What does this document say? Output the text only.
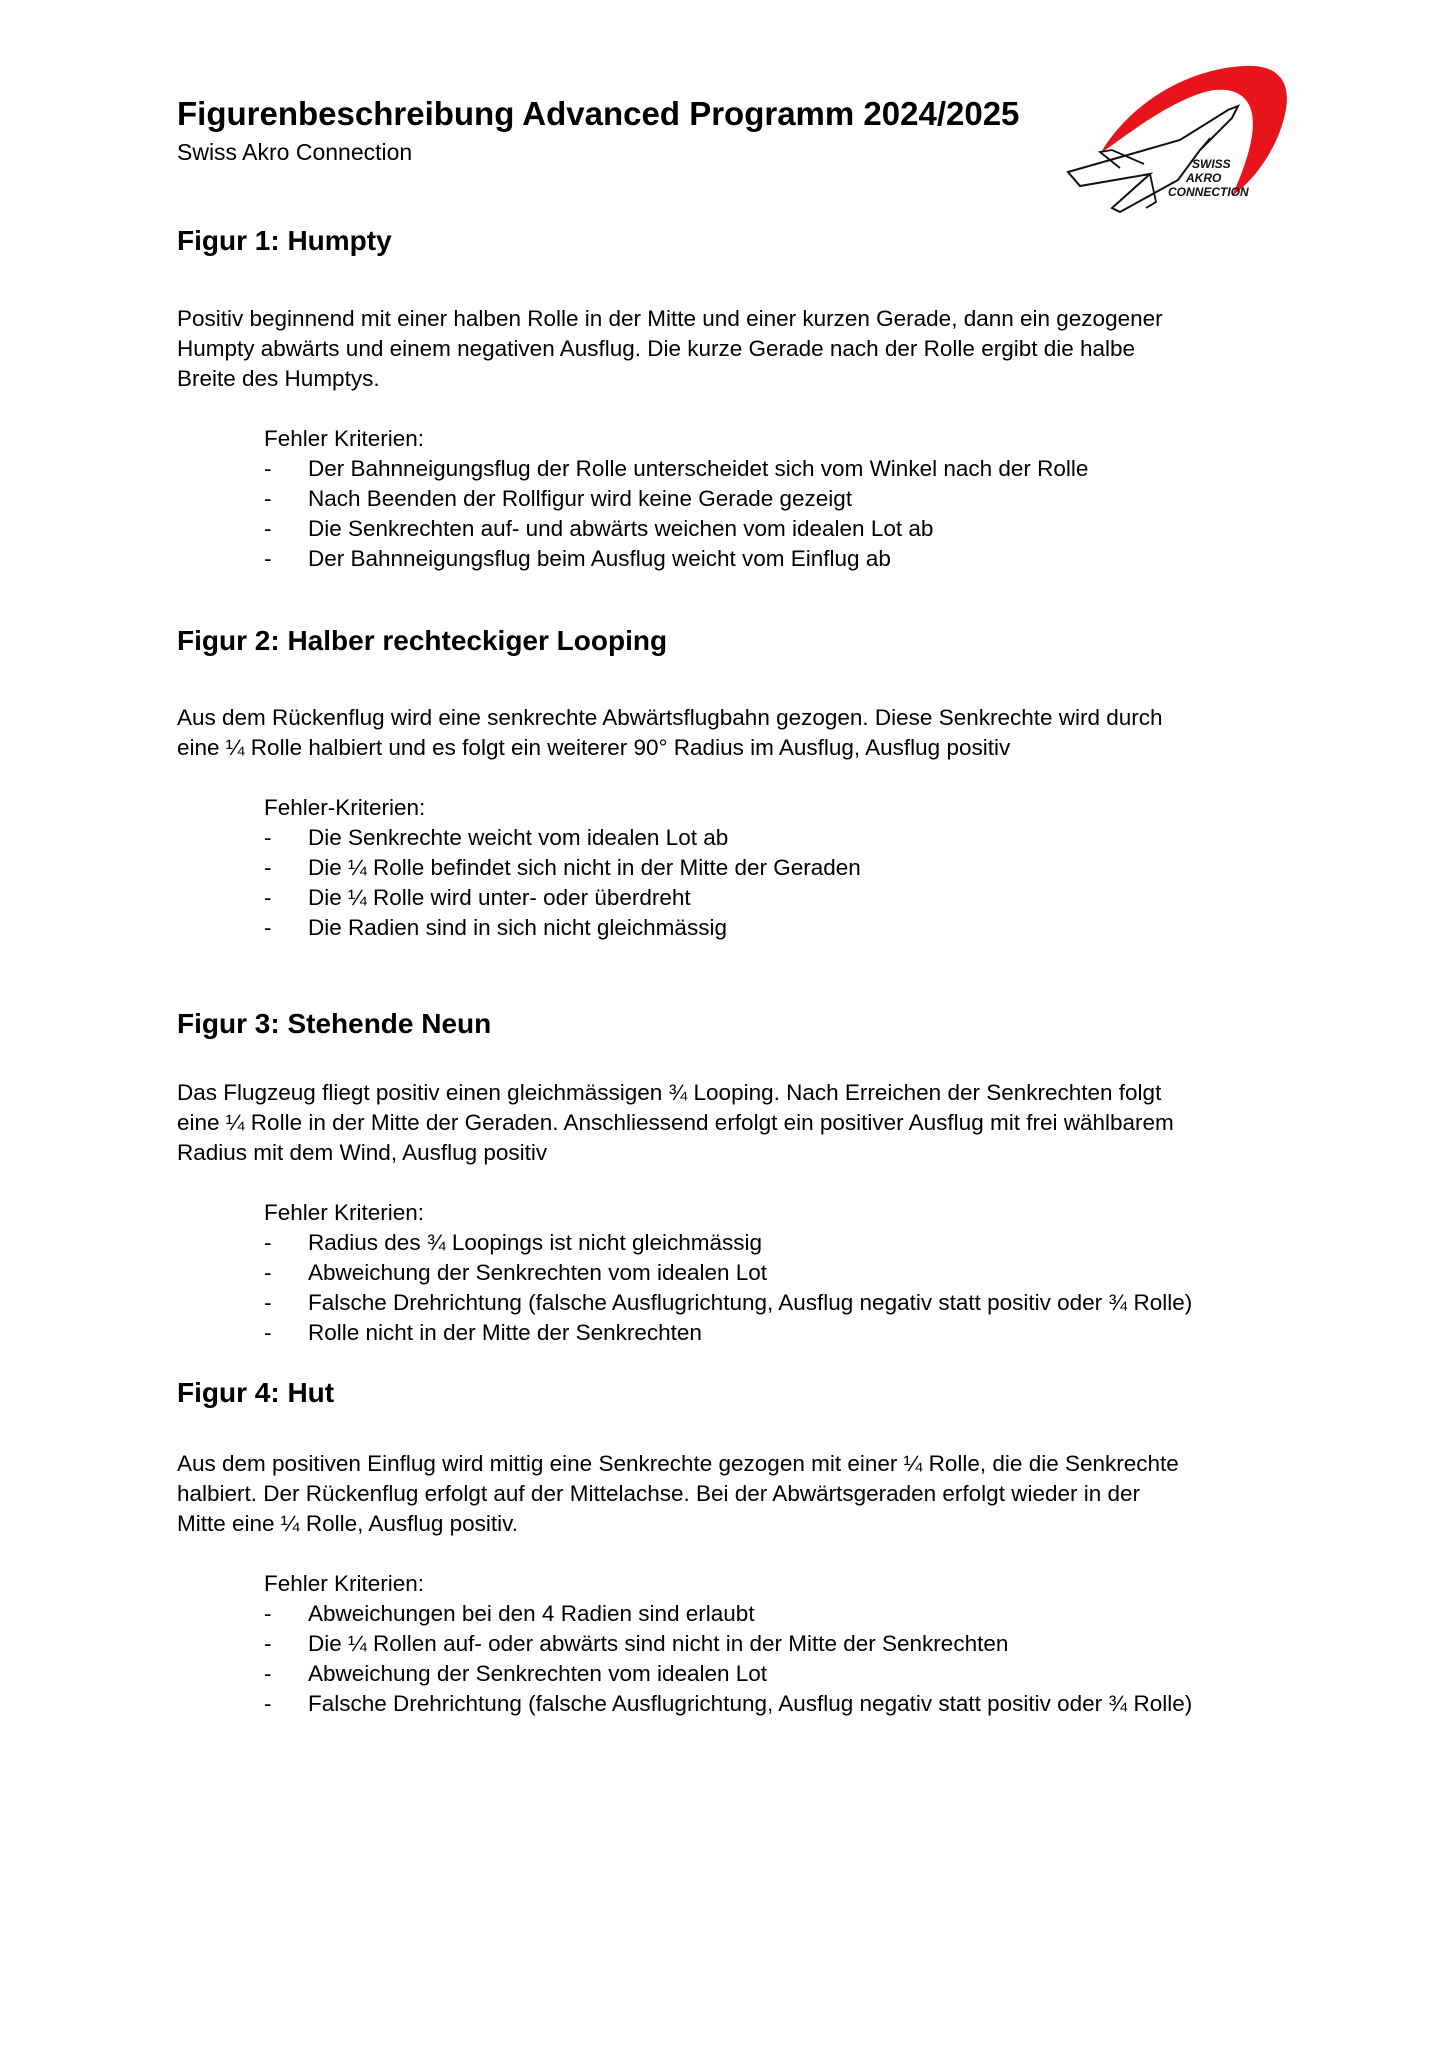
Figurenbeschreibung Advanced Programm 2024/2025
Swiss Akro Connection	SWISS
AKRO
CONNECTION
Figur 1: Humpty

Positiv beginnend mit einer halben Rolle in der Mitte und einer kurzen Gerade, dann ein gezogener
Humpty abwärts und einem negativen Ausflug. Die kurze Gerade nach der Rolle ergibt die halbe
Breite des Humptys.

Fehler Kriterien:

- Der Bahnneigungsflug der Rolle unterscheidet sich vom Winkel nach der Rolle
- Nach Beenden der Rollfigur wird keine Gerade gezeigt
- Die Senkrechten auf- und abwärts weichen vom idealen Lot ab
- Der Bahnneigungsflug beim Ausflug weicht vom Einflug ab
Figur 2: Halber rechteckiger Looping

Aus dem Rückenflug wird eine senkrechte Abwärtsflugbahn gezogen. Diese Senkrechte wird durch
eine ¼ Rolle halbiert und es folgt ein weiterer 90° Radius im Ausflug, Ausflug positiv

Fehler-Kriterien:

- Die Senkrechte weicht vom idealen Lot ab
- Die ¼ Rolle befindet sich nicht in der Mitte der Geraden
- Die ¼ Rolle wird unter- oder überdreht
- Die Radien sind in sich nicht gleichmässig
Figur 3: Stehende Neun

Das Flugzeug fliegt positiv einen gleichmässigen ¾ Looping. Nach Erreichen der Senkrechten folgt
eine ¼ Rolle in der Mitte der Geraden. Anschliessend erfolgt ein positiver Ausflug mit frei wählbarem
Radius mit dem Wind, Ausflug positiv

Fehler Kriterien:

- Radius des ¾ Loopings ist nicht gleichmässig
- Abweichung der Senkrechten vom idealen Lot
- Falsche Drehrichtung (falsche Ausflugrichtung, Ausflug negativ statt positiv oder ¾ Rolle)
- Rolle nicht in der Mitte der Senkrechten
Figur 4: Hut

Aus dem positiven Einflug wird mittig eine Senkrechte gezogen mit einer ¼ Rolle, die die Senkrechte
halbiert. Der Rückenflug erfolgt auf der Mittelachse. Bei der Abwärtsgeraden erfolgt wieder in der
Mitte eine ¼ Rolle, Ausflug positiv.

Fehler Kriterien:

- Abweichungen bei den 4 Radien sind erlaubt
- Die ¼ Rollen auf- oder abwärts sind nicht in der Mitte der Senkrechten
- Abweichung der Senkrechten vom idealen Lot
- Falsche Drehrichtung (falsche Ausflugrichtung, Ausflug negativ statt positiv oder ¾ Rolle)
